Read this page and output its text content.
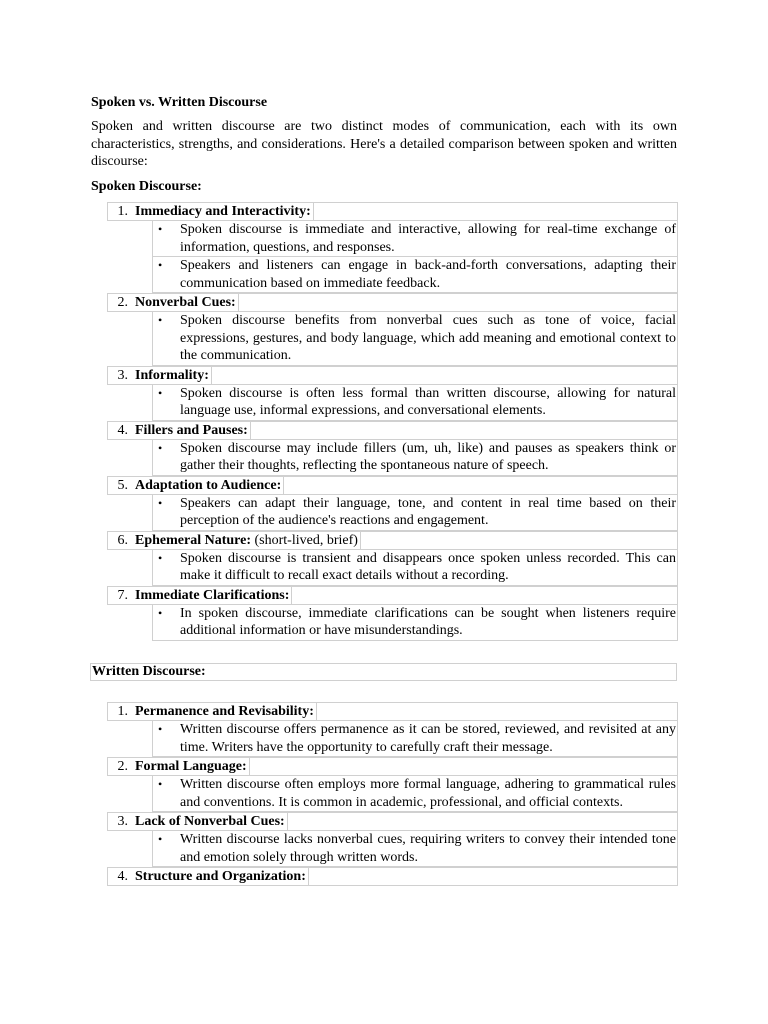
Spoken vs. Written Discourse
Spoken and written discourse are two distinct modes of communication, each with its own characteristics, strengths, and considerations. Here's a detailed comparison between spoken and written discourse:
Spoken Discourse:
1. Immediacy and Interactivity:
• Spoken discourse is immediate and interactive, allowing for real-time exchange of information, questions, and responses.
• Speakers and listeners can engage in back-and-forth conversations, adapting their communication based on immediate feedback.
2. Nonverbal Cues:
• Spoken discourse benefits from nonverbal cues such as tone of voice, facial expressions, gestures, and body language, which add meaning and emotional context to the communication.
3. Informality:
• Spoken discourse is often less formal than written discourse, allowing for natural language use, informal expressions, and conversational elements.
4. Fillers and Pauses:
• Spoken discourse may include fillers (um, uh, like) and pauses as speakers think or gather their thoughts, reflecting the spontaneous nature of speech.
5. Adaptation to Audience:
• Speakers can adapt their language, tone, and content in real time based on their perception of the audience's reactions and engagement.
6. Ephemeral Nature: (short-lived, brief)
• Spoken discourse is transient and disappears once spoken unless recorded. This can make it difficult to recall exact details without a recording.
7. Immediate Clarifications:
• In spoken discourse, immediate clarifications can be sought when listeners require additional information or have misunderstandings.
Written Discourse:
1. Permanence and Revisability:
• Written discourse offers permanence as it can be stored, reviewed, and revisited at any time. Writers have the opportunity to carefully craft their message.
2. Formal Language:
• Written discourse often employs more formal language, adhering to grammatical rules and conventions. It is common in academic, professional, and official contexts.
3. Lack of Nonverbal Cues:
• Written discourse lacks nonverbal cues, requiring writers to convey their intended tone and emotion solely through written words.
4. Structure and Organization:
